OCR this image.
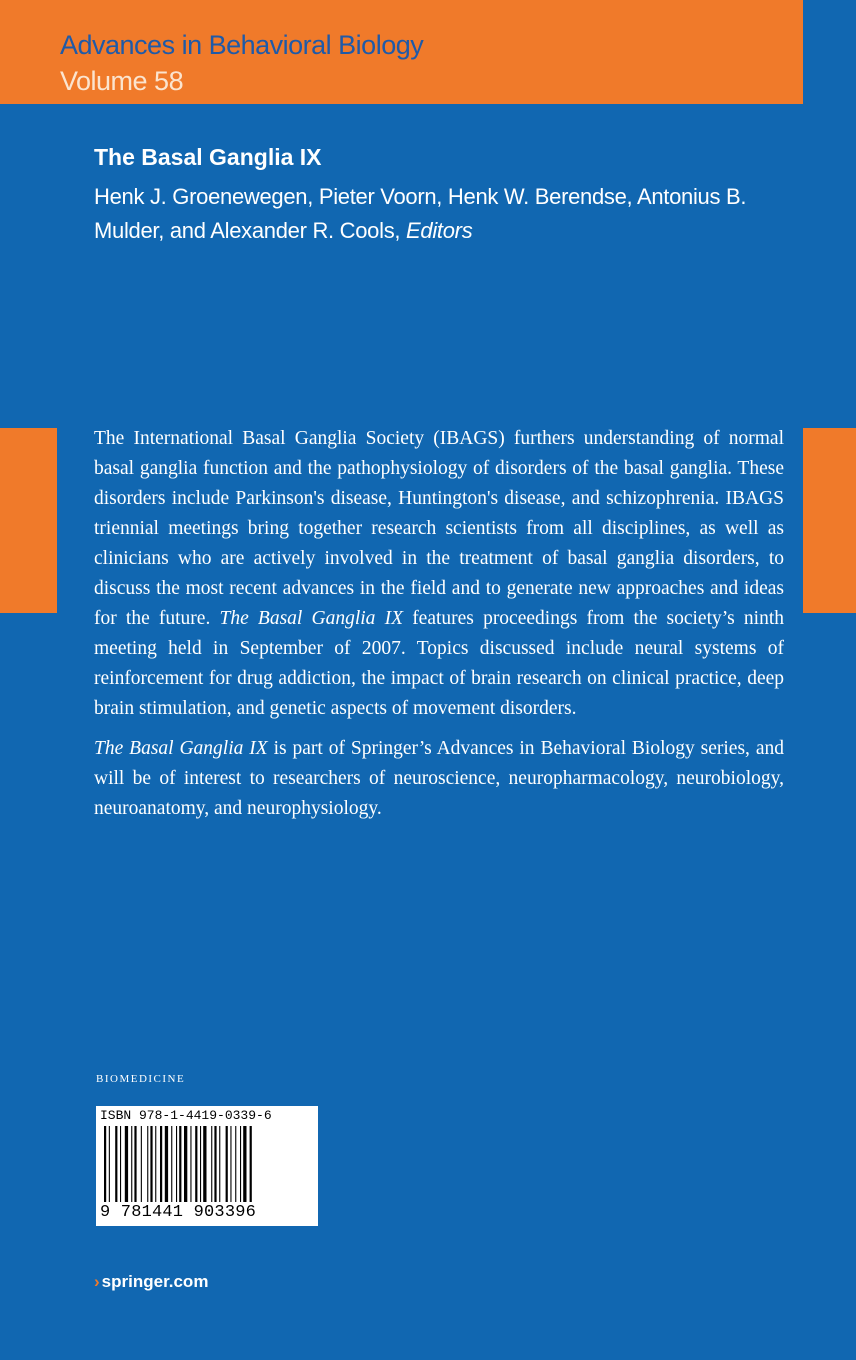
Advances in Behavioral Biology
Volume 58
The Basal Ganglia IX
Henk J. Groenewegen, Pieter Voorn, Henk W. Berendse, Antonius B. Mulder, and Alexander R. Cools, Editors

The International Basal Ganglia Society (IBAGS) furthers understanding of normal basal ganglia function and the pathophysiology of disorders of the basal ganglia. These disorders include Parkinson's disease, Huntington's disease, and schizophrenia. IBAGS triennial meetings bring together research scientists from all disciplines, as well as clinicians who are actively involved in the treatment of basal ganglia disorders, to discuss the most recent advances in the field and to generate new approaches and ideas for the future. The Basal Ganglia IX features proceedings from the society’s ninth meeting held in September of 2007. Topics discussed include neural systems of reinforcement for drug addiction, the impact of brain research on clinical practice, deep brain stimulation, and genetic aspects of movement disorders.

The Basal Ganglia IX is part of Springer’s Advances in Behavioral Biology series, and will be of interest to researchers of neuroscience, neuropharmacology, neurobiology, neuroanatomy, and neurophysiology.

BIOMEDICINE
ISBN 978-1-4419-0339-6
9 781441 903396
› springer.com
